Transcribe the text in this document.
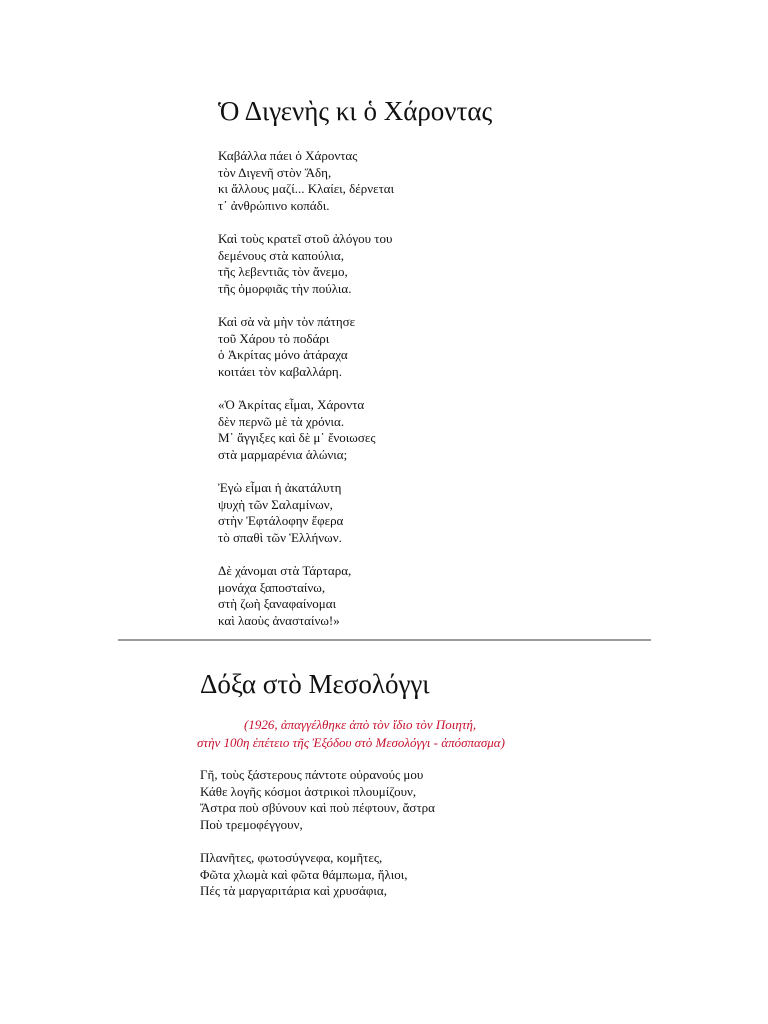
Ὁ Διγενὴς κι ὁ Χάροντας
Καβάλλα πάει ὁ Χάροντας
τὸν Διγενῆ στὸν Ἅδη,
κι ἄλλους μαζί... Κλαίει, δέρνεται
τ᾽ ἀνθρώπινο κοπάδι.
Καὶ τοὺς κρατεῖ στοῦ ἀλόγου του
δεμένους στὰ καπούλια,
τῆς λεβεντιᾶς τὸν ἄνεμο,
τῆς ὀμορφιᾶς τὴν πούλια.
Καὶ σὰ νὰ μὴν τὸν πάτησε
τοῦ Χάρου τὸ ποδάρι
ὁ Ἀκρίτας μόνο ἀτάραχα
κοιτάει τὸν καβαλλάρη.
«Ὁ Ἀκρίτας εἶμαι, Χάροντα
δὲν περνῶ μὲ τὰ χρόνια.
Μ᾽ ἄγγιξες καὶ δὲ μ᾽ ἔνοιωσες
στὰ μαρμαρένια ἁλώνια;
Ἐγὼ εἶμαι ἡ ἀκατάλυτη
ψυχὴ τῶν Σαλαμίνων,
στὴν Ἐφτάλοφην ἔφερα
τὸ σπαθὶ τῶν Ἑλλήνων.
Δὲ χάνομαι στὰ Τάρταρα,
μονάχα ξαποσταίνω,
στὴ ζωὴ ξαναφαίνομαι
καὶ λαοὺς ἀνασταίνω!»
Δόξα στὸ Μεσολόγγι
(1926, ἀπαγγέλθηκε ἀπὸ τὸν ἴδιο τὸν Ποιητή,
στὴν 100η ἐπέτειο τῆς Ἐξόδου στὸ Μεσολόγγι - ἀπόσπασμα)
Γῆ, τοὺς ξάστερους πάντοτε οὐρανούς μου
Κάθε λογῆς κόσμοι ἀστρικοὶ πλουμίζουν,
Ἄστρα ποὺ σβύνουν καὶ ποὺ πέφτουν, ἄστρα
Ποὺ τρεμοφέγγουν,
Πλανῆτες, φωτοσύγνεφα, κομῆτες,
Φῶτα χλωμὰ καὶ φῶτα θάμπωμα, ἥλιοι,
Πές τὰ μαργαριτάρια καὶ χρυσάφια,
